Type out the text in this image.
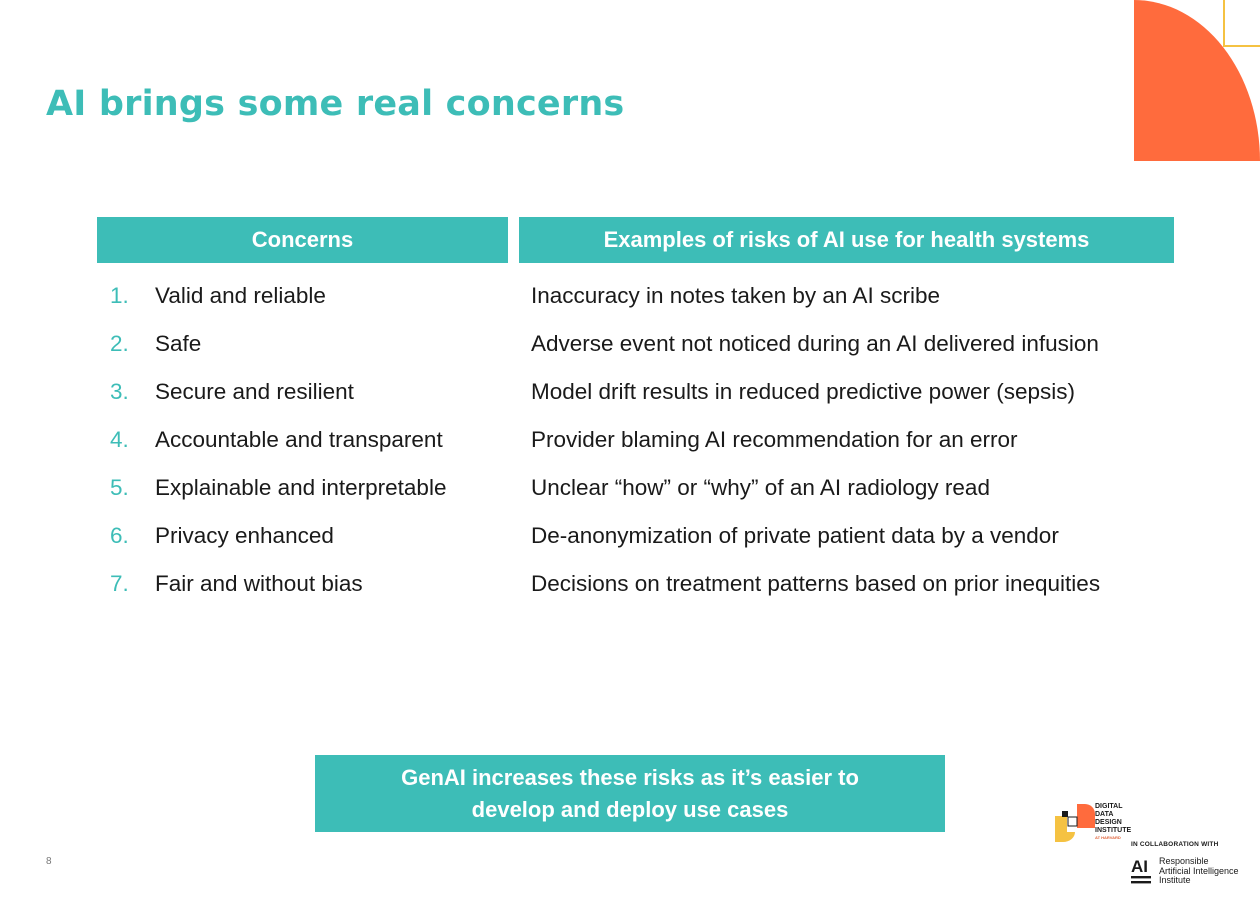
AI brings some real concerns
Concerns	Examples of risks of AI use for health systems
1. Valid and reliable	Inaccuracy in notes taken by an AI scribe
2. Safe	Adverse event not noticed during an AI delivered infusion
3. Secure and resilient	Model drift results in reduced predictive power (sepsis)
4. Accountable and transparent	Provider blaming AI recommendation for an error
5. Explainable and interpretable	Unclear “how” or “why” of an AI radiology read
6. Privacy enhanced	De-anonymization of private patient data by a vendor
7. Fair and without bias	Decisions on treatment patterns based on prior inequities
GenAI increases these risks as it’s easier to
develop and deploy use cases
8
DIGITAL
DATA
DESIGN
INSTITUTE
AT HARVARD
IN COLLABORATION WITH
AI Responsible
Artificial Intelligence
Institute
